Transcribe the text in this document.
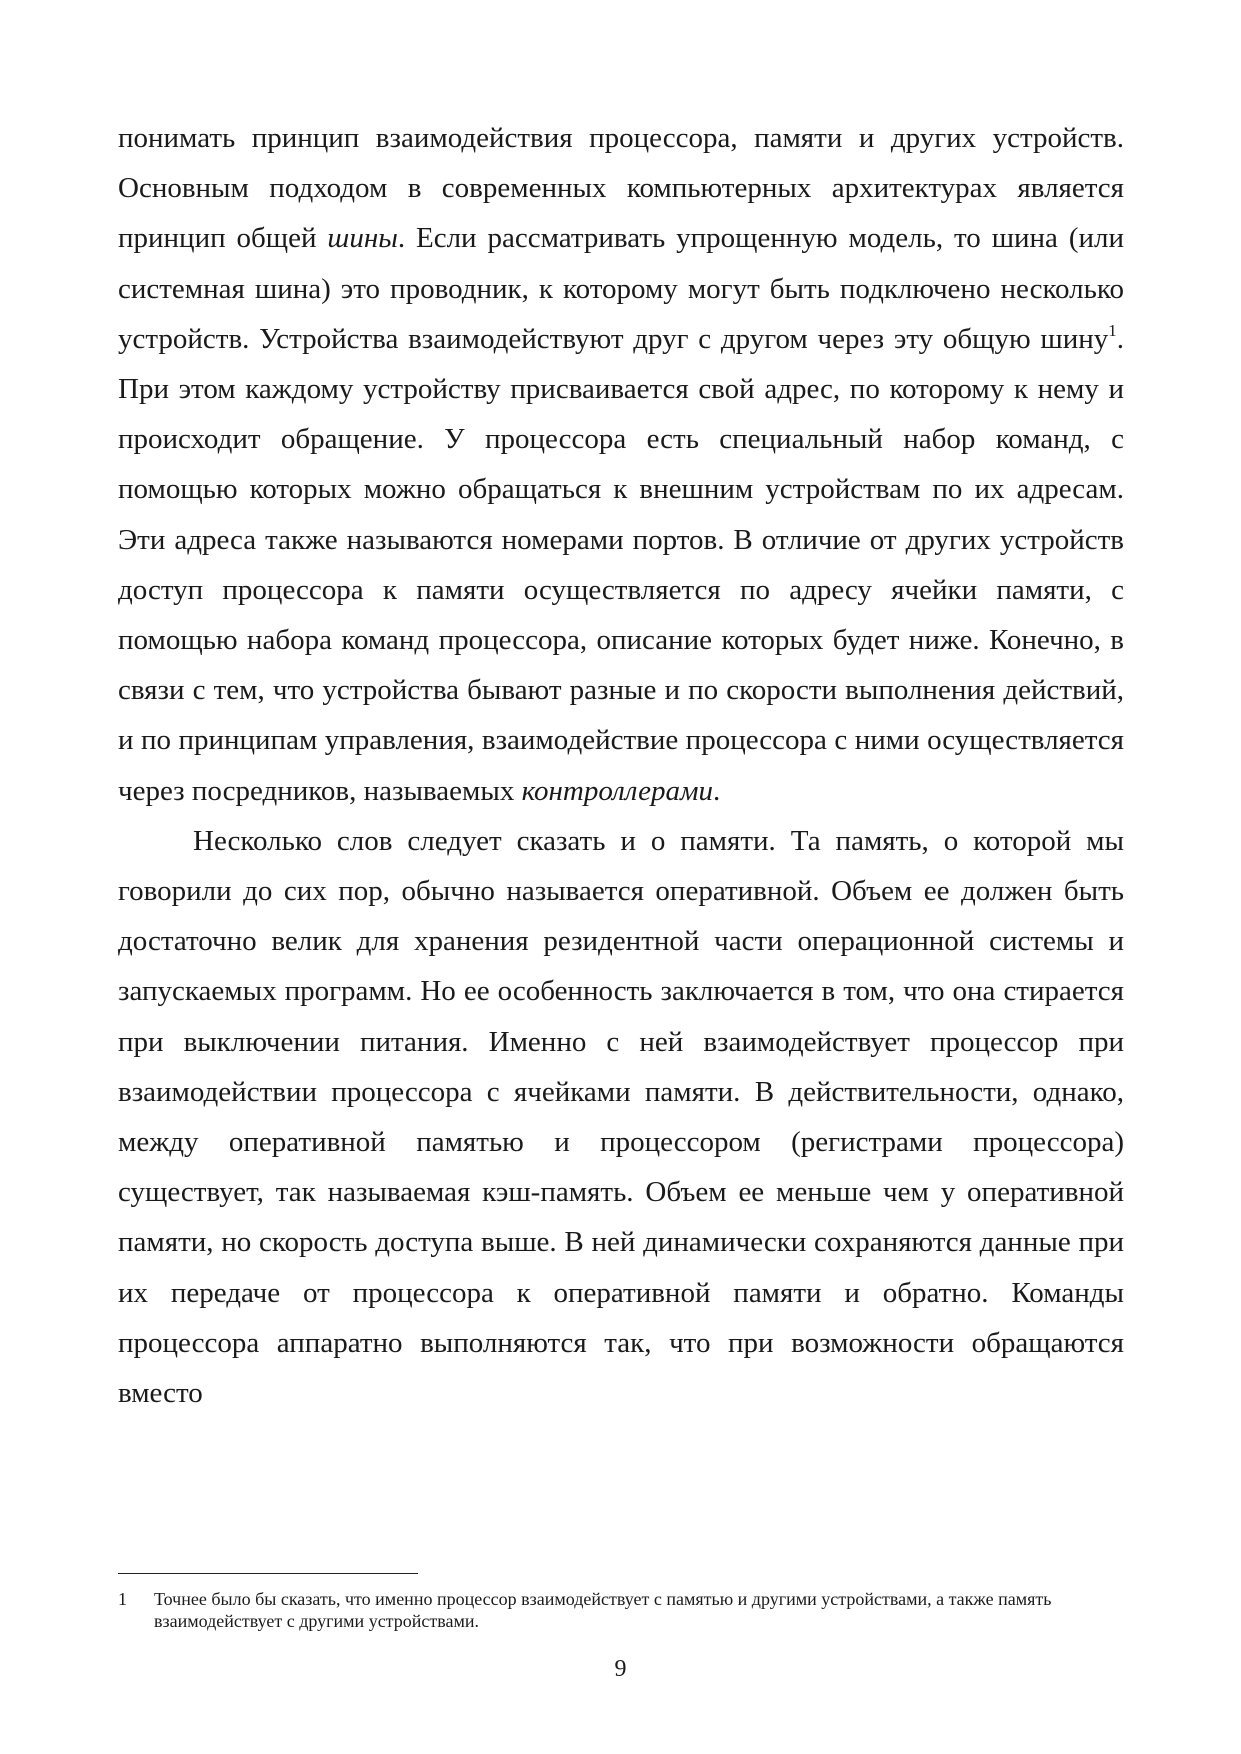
понимать принцип взаимодействия процессора, памяти и других устройств. Основным подходом в современных компьютерных архитектурах является принцип общей шины. Если рассматривать упрощенную модель, то шина (или системная шина) это проводник, к которому могут быть подключено несколько устройств. Устройства взаимодействуют друг с другом через эту общую шину$^1$. При этом каждому устройству присваивается свой адрес, по которому к нему и происходит обращение. У процессора есть специальный набор команд, с помощью которых можно обращаться к внешним устройствам по их адресам. Эти адреса также называются номерами портов. В отличие от других устройств доступ процессора к памяти осуществляется по адресу ячейки памяти, с помощью набора команд процессора, описание которых будет ниже. Конечно, в связи с тем, что устройства бывают разные и по скорости выполнения действий, и по принципам управления, взаимодействие процессора с ними осуществляется через посредников, называемых контроллерами.

Несколько слов следует сказать и о памяти. Та память, о которой мы говорили до сих пор, обычно называется оперативной. Объем ее должен быть достаточно велик для хранения резидентной части операционной системы и запускаемых программ. Но ее особенность заключается в том, что она стирается при выключении питания. Именно с ней взаимодействует процессор при взаимодействии процессора с ячейками памяти. В действительности, однако, между оперативной памятью и процессором (регистрами процессора) существует, так называемая кэш-память. Объем ее меньше чем у оперативной памяти, но скорость доступа выше. В ней динамически сохраняются данные при их передаче от процессора к оперативной памяти и обратно. Команды процессора аппаратно выполняются так, что при возможности обращаются вместо

1 Точнее было бы сказать, что именно процессор взаимодействует с памятью и другими устройствами, а также память взаимодействует с другими устройствами.
9
